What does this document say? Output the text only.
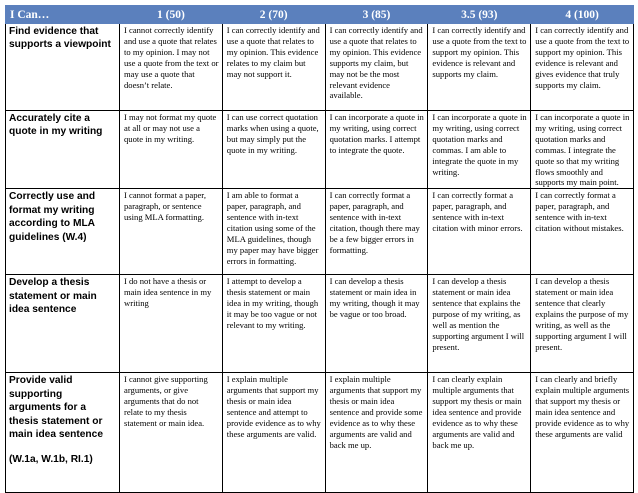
I Can…	1 (50)	2 (70)	3 (85)	3.5 (93)	4 (100)
Find evidence that supports a viewpoint	I cannot correctly identify and use a quote that relates to my opinion. I may not use a quote from the text or may use a quote that doesn’t relate.	I can correctly identify and use a quote that relates to my opinion. This evidence relates to my claim but may not support it.	I can correctly identify and use a quote that relates to my opinion. This evidence supports my claim, but may not be the most relevant evidence available.	I can correctly identify and use a quote from the text to support my opinion. This evidence is relevant and supports my claim.	I can correctly identify and use a quote from the text to support my opinion. This evidence is relevant and gives evidence that truly supports my claim.
Accurately cite a quote in my writing	I may not format my quote at all or may not use a quote in my writing.	I can use correct quotation marks when using a quote, but may simply put the quote in my writing.	I can incorporate a quote in my writing, using correct quotation marks. I attempt to integrate the quote.	I can incorporate a quote in my writing, using correct quotation marks and commas. I am able to integrate the quote in my writing.	I can incorporate a quote in my writing, using correct quotation marks and commas. I integrate the quote so that my writing flows smoothly and supports my main point.
Correctly use and format my writing according to MLA guidelines (W.4)	I cannot format a paper, paragraph, or sentence using MLA formatting.	I am able to format a paper, paragraph, and sentence with in-text citation using some of the MLA guidelines, though my paper may have bigger errors in formatting.	I can correctly format a paper, paragraph, and sentence with in-text citation, though there may be a few bigger errors in formatting.	I can correctly format a paper, paragraph, and sentence with in-text citation with minor errors.	I can correctly format a paper, paragraph, and sentence with in-text citation without mistakes.
Develop a thesis statement or main idea sentence	I do not have a thesis or main idea sentence in my writing	I attempt to develop a thesis statement or main idea in my writing, though it may be too vague or not relevant to my writing.	I can develop a thesis statement or main idea in my writing, though it may be vague or too broad.	I can develop a thesis statement or main idea sentence that explains the purpose of my writing, as well as mention the supporting argument I will present.	I can develop a thesis statement or main idea sentence that clearly explains the purpose of my writing, as well as the supporting argument I will present.
Provide valid supporting arguments for a thesis statement or main idea sentence
(W.1a, W.1b, RI.1)	I cannot give supporting arguments, or give arguments that do not relate to my thesis statement or main idea.	I explain multiple arguments that support my thesis or main idea sentence and attempt to provide evidence as to why these arguments are valid.	I explain multiple arguments that support my thesis or main idea sentence and provide some evidence as to why these arguments are valid and back me up.	I can clearly explain multiple arguments that support my thesis or main idea sentence and provide evidence as to why these arguments are valid and back me up.	I can clearly and briefly explain multiple arguments that support my thesis or main idea sentence and provide evidence as to why these arguments are valid
